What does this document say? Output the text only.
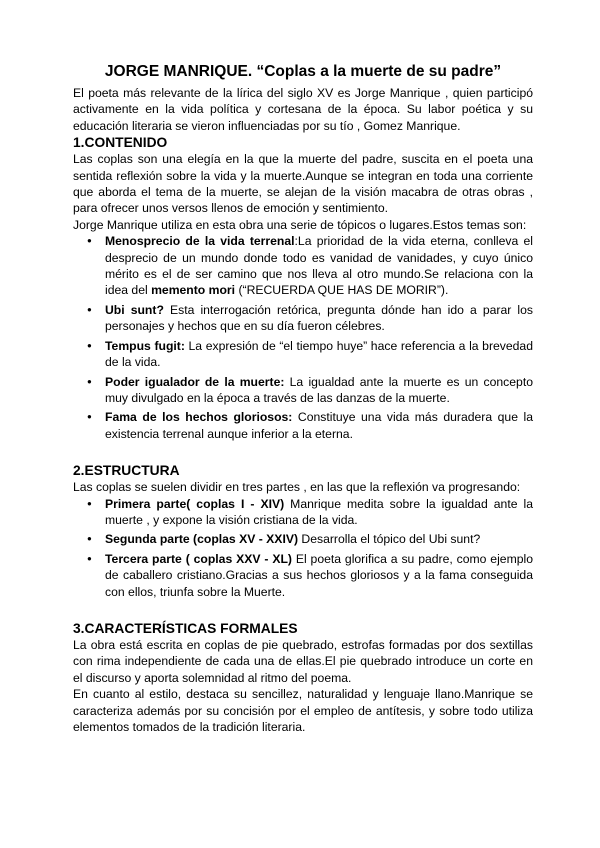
JORGE MANRIQUE. “Coplas a la muerte de su padre”

El poeta más relevante de la lírica del siglo XV es Jorge Manrique , quien participó activamente en la vida política y cortesana de la época. Su labor poética y su educación literaria se vieron influenciadas por su tío , Gomez Manrique.

1.CONTENIDO

Las coplas son una elegía en la que la muerte del padre, suscita en el poeta una sentida reflexión sobre la vida y la muerte.Aunque se integran en toda una corriente que aborda el tema de la muerte, se alejan de la visión macabra de otras obras , para ofrecer unos versos llenos de emoción y sentimiento.

Jorge Manrique utiliza en esta obra una serie de tópicos o lugares.Estos temas son:

● Menosprecio de la vida terrenal:La prioridad de la vida eterna, conlleva el desprecio de un mundo donde todo es vanidad de vanidades, y cuyo único mérito es el de ser camino que nos lleva al otro mundo.Se relaciona con la idea del memento mori (“RECUERDA QUE HAS DE MORIR”).
● Ubi sunt? Esta interrogación retórica, pregunta dónde han ido a parar los personajes y hechos que en su día fueron célebres.
● Tempus fugit: La expresión de “el tiempo huye” hace referencia a la brevedad de la vida.
● Poder igualador de la muerte: La igualdad ante la muerte es un concepto muy divulgado en la época a través de las danzas de la muerte.
● Fama de los hechos gloriosos: Constituye una vida más duradera que la existencia terrenal aunque inferior a la eterna.
2.ESTRUCTURA

Las coplas se suelen dividir en tres partes , en las que la reflexión va progresando:

● Primera parte( coplas I - XIV) Manrique medita sobre la igualdad ante la muerte , y expone la visión cristiana de la vida.
● Segunda parte (coplas XV - XXIV) Desarrolla el tópico del Ubi sunt?
● Tercera parte ( coplas XXV - XL) El poeta glorifica a su padre, como ejemplo de caballero cristiano.Gracias a sus hechos gloriosos y a la fama conseguida con ellos, triunfa sobre la Muerte.
3.CARACTERÍSTICAS FORMALES

La obra está escrita en coplas de pie quebrado, estrofas formadas por dos sextillas con rima independiente de cada una de ellas.El pie quebrado introduce un corte en el discurso y aporta solemnidad al ritmo del poema.

En cuanto al estilo, destaca su sencillez, naturalidad y lenguaje llano.Manrique se caracteriza además por su concisión por el empleo de antítesis, y sobre todo utiliza elementos tomados de la tradición literaria.
